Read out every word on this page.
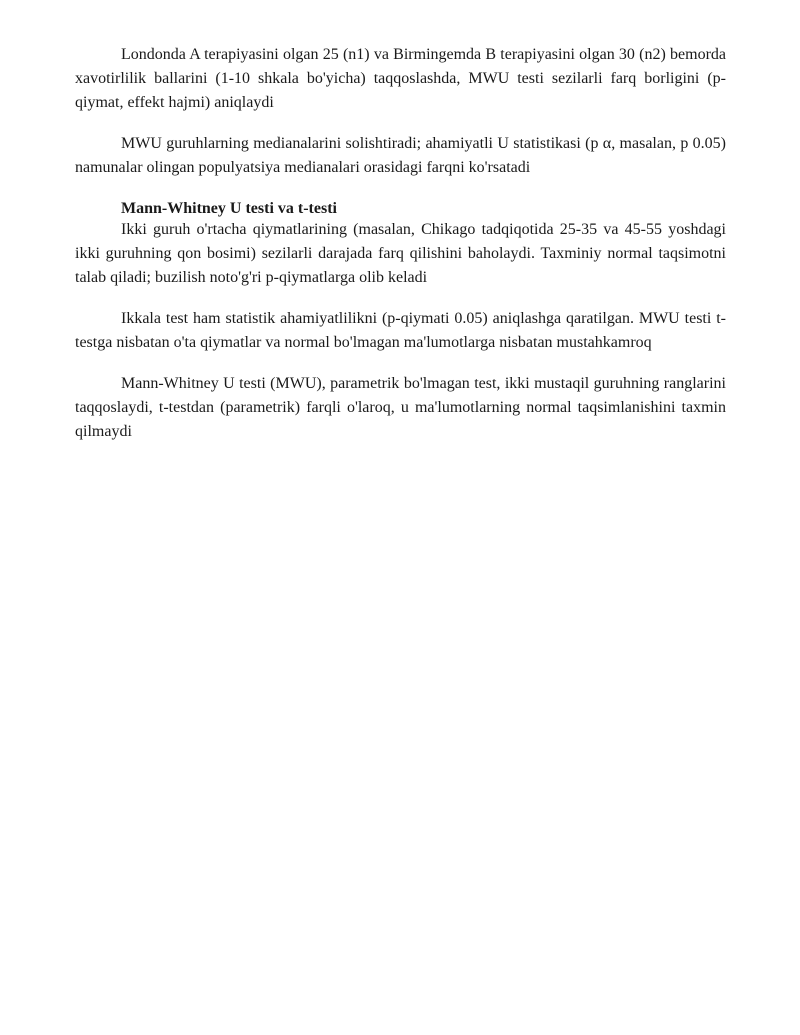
Londonda A terapiyasini olgan 25 (n1) va Birmingemda B terapiyasini olgan 30 (n2) bemorda xavotirlilik ballarini (1-10 shkala bo'yicha) taqqoslashda, MWU testi sezilarli farq borligini (p-qiymat, effekt hajmi) aniqlaydi

MWU guruhlarning medianalarini solishtiradi; ahamiyatli U statistikasi (p α, masalan, p 0.05) namunalar olingan populyatsiya medianalari orasidagi farqni ko'rsatadi

Mann-Whitney U testi va t-testi

Ikki guruh o'rtacha qiymatlarining (masalan, Chikago tadqiqotida 25-35 va 45-55 yoshdagi ikki guruhning qon bosimi) sezilarli darajada farq qilishini baholaydi. Taxminiy normal taqsimotni talab qiladi; buzilish noto'g'ri p-qiymatlarga olib keladi

Ikkala test ham statistik ahamiyatlilikni (p-qiymati 0.05) aniqlashga qaratilgan. MWU testi t-testga nisbatan o'ta qiymatlar va normal bo'lmagan ma'lumotlarga nisbatan mustahkamroq

Mann-Whitney U testi (MWU), parametrik bo'lmagan test, ikki mustaqil guruhning ranglarini taqqoslaydi, t-testdan (parametrik) farqli o'laroq, u ma'lumotlarning normal taqsimlanishini taxmin qilmaydi
